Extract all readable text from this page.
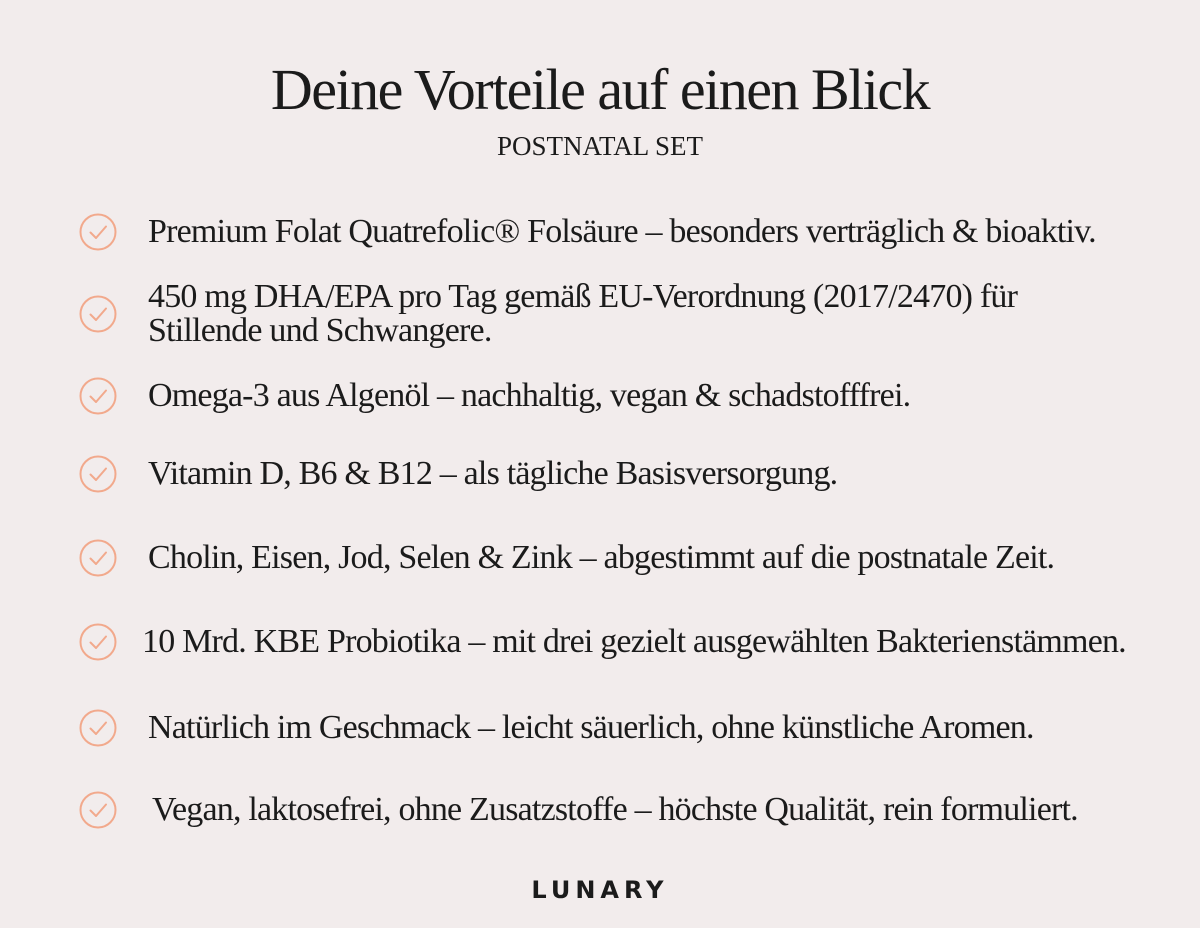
Deine Vorteile auf einen Blick
POSTNATAL SET
Premium Folat Quatrefolic® Folsäure – besonders verträglich & bioaktiv.
450 mg DHA/EPA pro Tag gemäß EU-Verordnung (2017/2470) für Stillende und Schwangere.
Omega-3 aus Algenöl – nachhaltig, vegan & schadstofffrei.
Vitamin D, B6 & B12 – als tägliche Basisversorgung.
Cholin, Eisen, Jod, Selen & Zink – abgestimmt auf die postnatale Zeit.
10 Mrd. KBE Probiotika – mit drei gezielt ausgewählten Bakterienstämmen.
Natürlich im Geschmack – leicht säuerlich, ohne künstliche Aromen.
Vegan, laktosefrei, ohne Zusatzstoffe – höchste Qualität, rein formuliert.
LUNARY
